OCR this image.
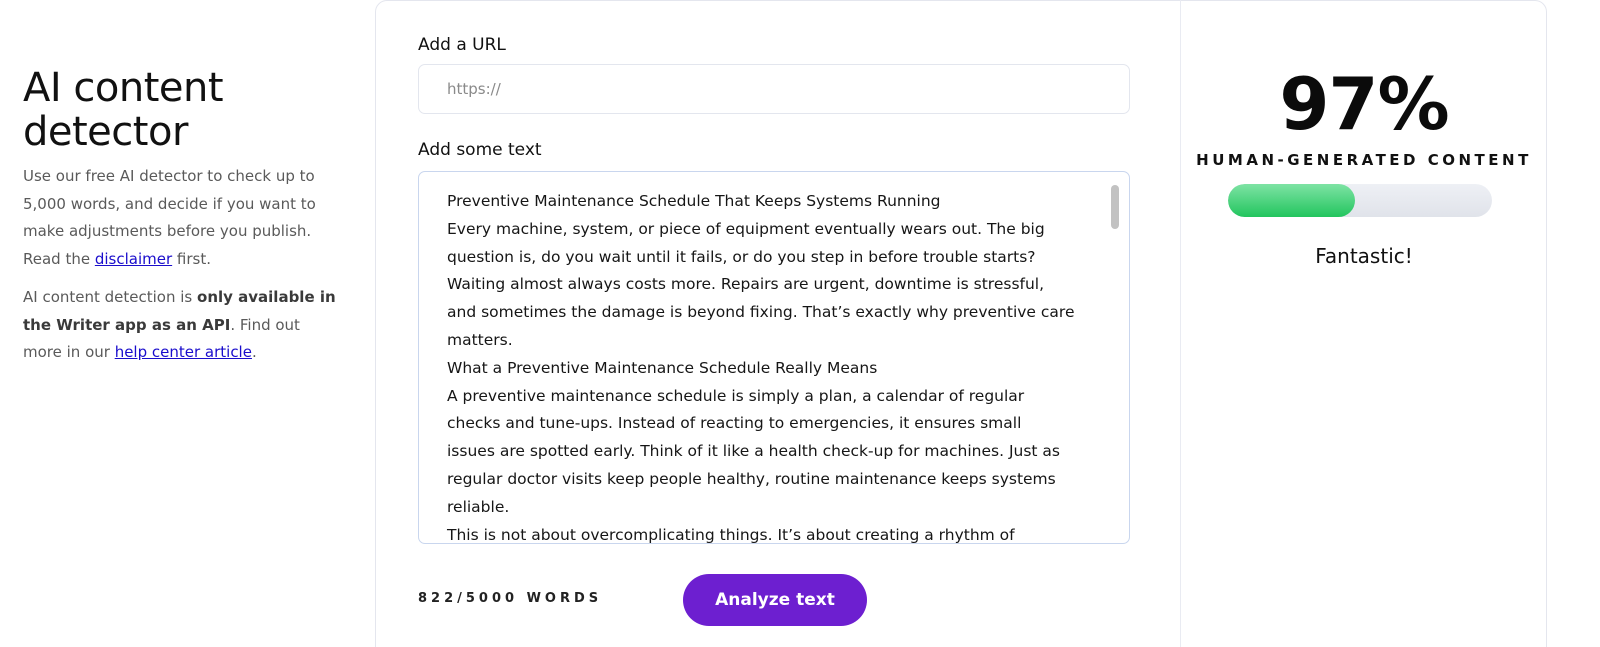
AI content
detector

Use our free AI detector to check up to 5,000 words, and decide if you want to make adjustments before you publish. Read the disclaimer first.

AI content detection is only available in the Writer app as an API. Find out more in our help center article.

Add a URL
https://
Add some text
Preventive Maintenance Schedule That Keeps Systems Running
Every machine, system, or piece of equipment eventually wears out. The big
question is, do you wait until it fails, or do you step in before trouble starts?
Waiting almost always costs more. Repairs are urgent, downtime is stressful,
and sometimes the damage is beyond fixing. That’s exactly why preventive care
matters.
What a Preventive Maintenance Schedule Really Means
A preventive maintenance schedule is simply a plan, a calendar of regular
checks and tune-ups. Instead of reacting to emergencies, it ensures small
issues are spotted early. Think of it like a health check-up for machines. Just as
regular doctor visits keep people healthy, routine maintenance keeps systems
reliable.
This is not about overcomplicating things. It’s about creating a rhythm of
822/5000 WORDS	Analyze text
97%
HUMAN-GENERATED CONTENT
Fantastic!
